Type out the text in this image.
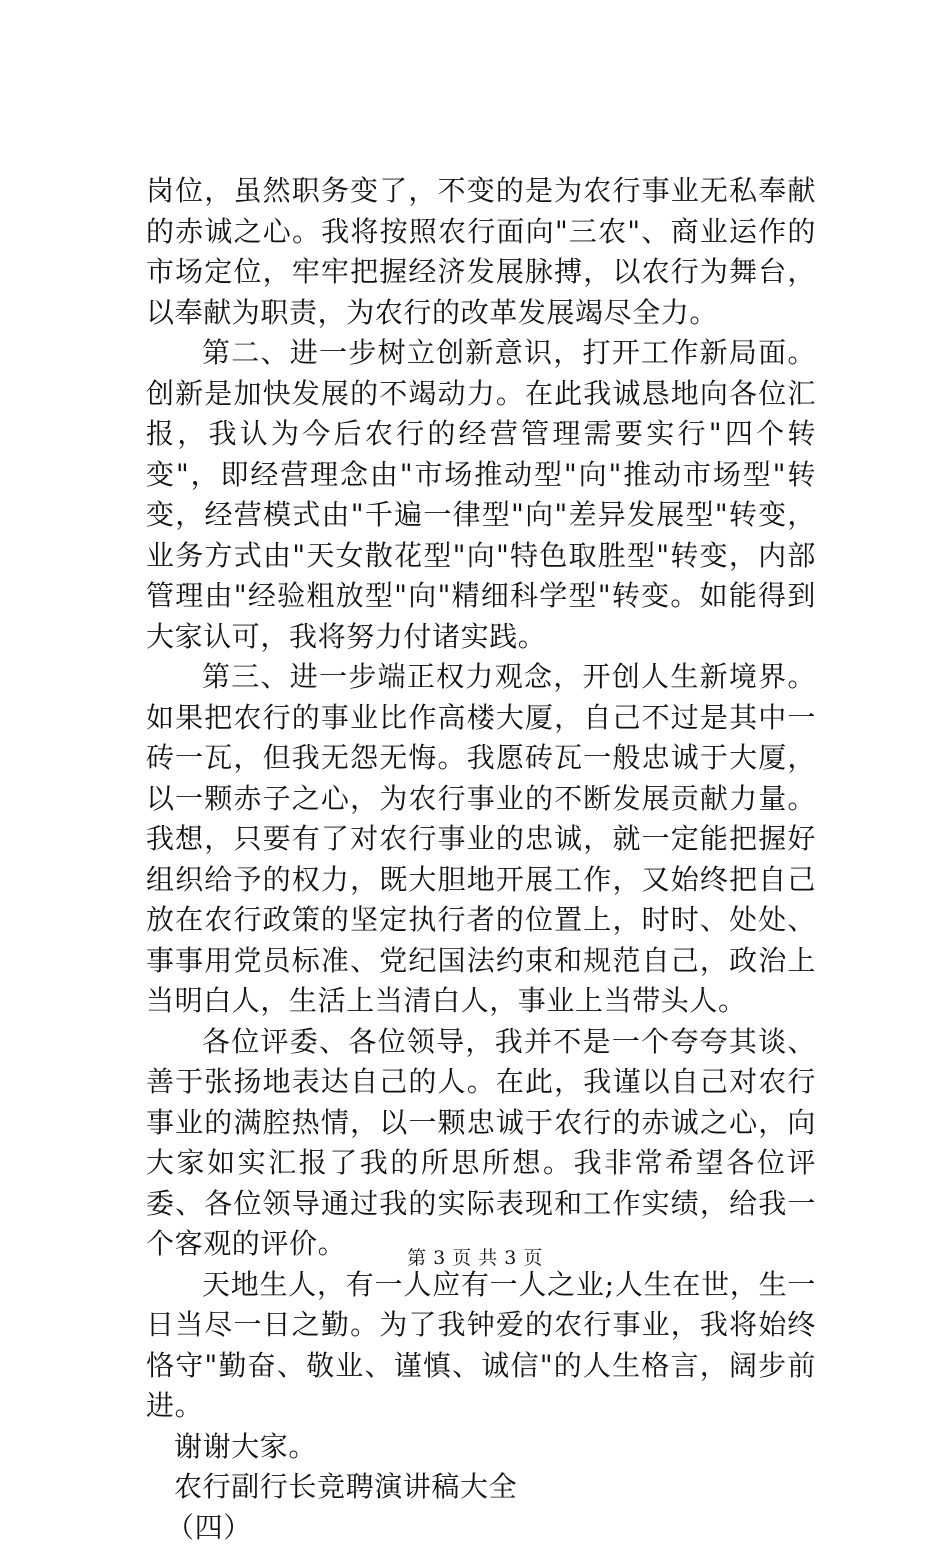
岗位，虽然职务变了，不变的是为农行事业无私奉献的赤诚之心。我将按照农行面向"三农"、商业运作的市场定位，牢牢把握经济发展脉搏，以农行为舞台，以奉献为职责，为农行的改革发展竭尽全力。

第二、进一步树立创新意识，打开工作新局面。创新是加快发展的不竭动力。在此我诚恳地向各位汇报，我认为今后农行的经营管理需要实行"四个转变"，即经营理念由"市场推动型"向"推动市场型"转变，经营模式由"千遍一律型"向"差异发展型"转变，业务方式由"天女散花型"向"特色取胜型"转变，内部管理由"经验粗放型"向"精细科学型"转变。如能得到大家认可，我将努力付诸实践。

第三、进一步端正权力观念，开创人生新境界。如果把农行的事业比作高楼大厦，自己不过是其中一砖一瓦，但我无怨无悔。我愿砖瓦一般忠诚于大厦，以一颗赤子之心，为农行事业的不断发展贡献力量。我想，只要有了对农行事业的忠诚，就一定能把握好组织给予的权力，既大胆地开展工作，又始终把自己放在农行政策的坚定执行者的位置上，时时、处处、事事用党员标准、党纪国法约束和规范自己，政治上当明白人，生活上当清白人，事业上当带头人。

各位评委、各位领导，我并不是一个夸夸其谈、善于张扬地表达自己的人。在此，我谨以自己对农行事业的满腔热情，以一颗忠诚于农行的赤诚之心，向大家如实汇报了我的所思所想。我非常希望各位评委、各位领导通过我的实际表现和工作实绩，给我一个客观的评价。

天地生人，有一人应有一人之业;人生在世，生一日当尽一日之勤。为了我钟爱的农行事业，我将始终恪守"勤奋、敬业、谨慎、诚信"的人生格言，阔步前进。

谢谢大家。

农行副行长竞聘演讲稿大全

（四）

第 3 页 共 3 页
